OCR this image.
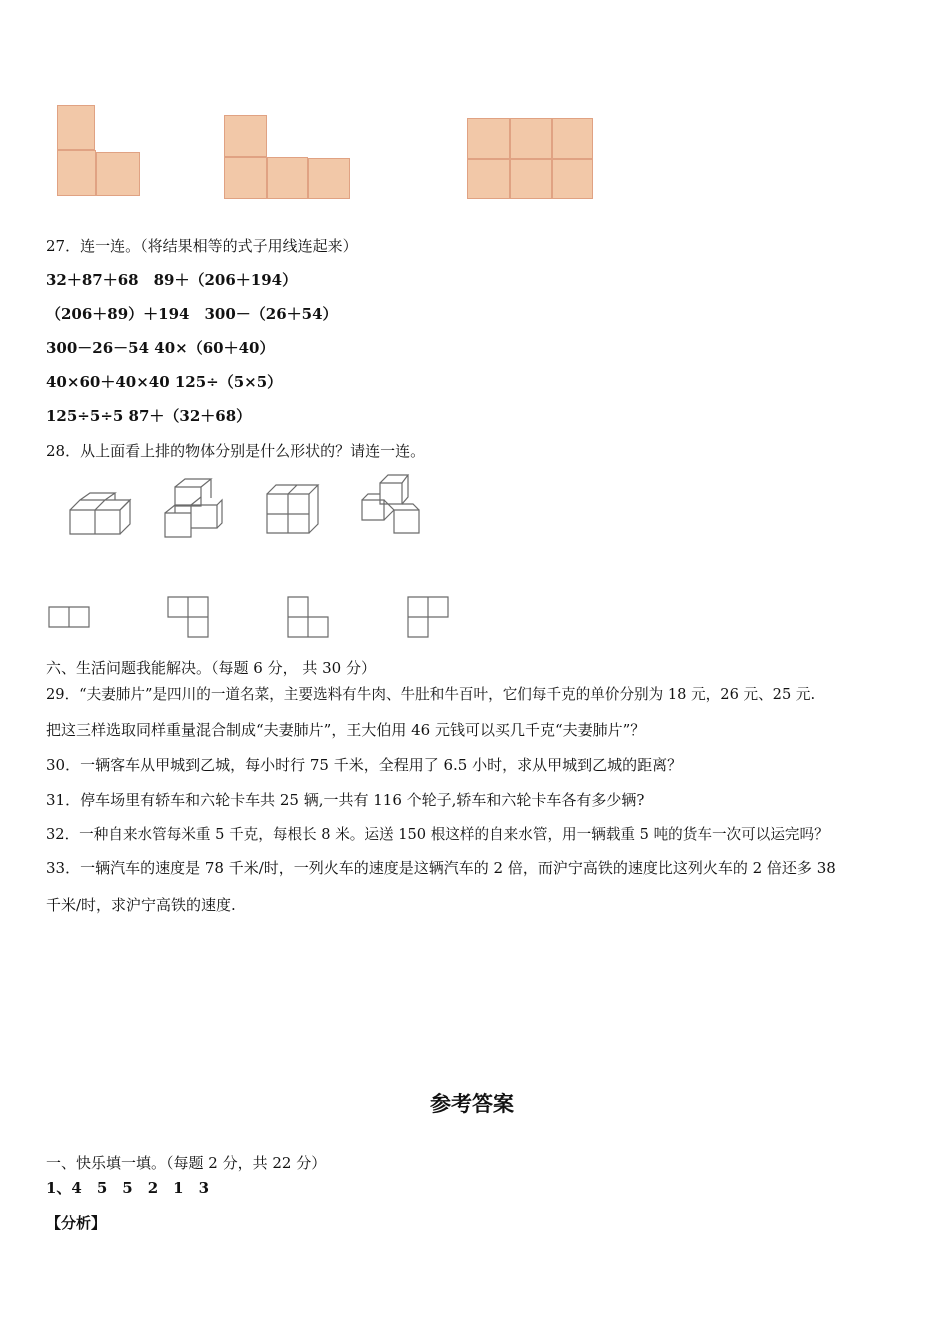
27．连一连。（将结果相等的式子用线连起来）
32＋87＋68　89＋（206＋194）
（206＋89）＋194　300－（26＋54）
300－26－54 40×（60＋40）
40×60＋40×40 125÷（5×5）
125÷5÷5 87＋（32＋68）
28．从上面看上排的物体分别是什么形状的？请连一连。
六、生活问题我能解决。（每题 6 分， 共 30 分）
29．“夫妻肺片”是四川的一道名菜，主要选料有牛肉、牛肚和牛百叶，它们每千克的单价分别为 18 元，26 元、25 元.
把这三样选取同样重量混合制成“夫妻肺片”，王大伯用 46 元钱可以买几千克“夫妻肺片”？
30．一辆客车从甲城到乙城，每小时行 75 千米，全程用了 6.5 小时，求从甲城到乙城的距离？
31．停车场里有轿车和六轮卡车共 25 辆,一共有 116 个轮子,轿车和六轮卡车各有多少辆?
32．一种自来水管每米重 5 千克，每根长 8 米。运送 150 根这样的自来水管，用一辆载重 5 吨的货车一次可以运完吗？
33．一辆汽车的速度是 78 千米/时，一列火车的速度是这辆汽车的 2 倍，而沪宁高铁的速度比这列火车的 2 倍还多 38
千米/时，求沪宁高铁的速度.
参考答案
一、快乐填一填。（每题 2 分，共 22 分）
1、4　5　5　2　1　3
【分析】
